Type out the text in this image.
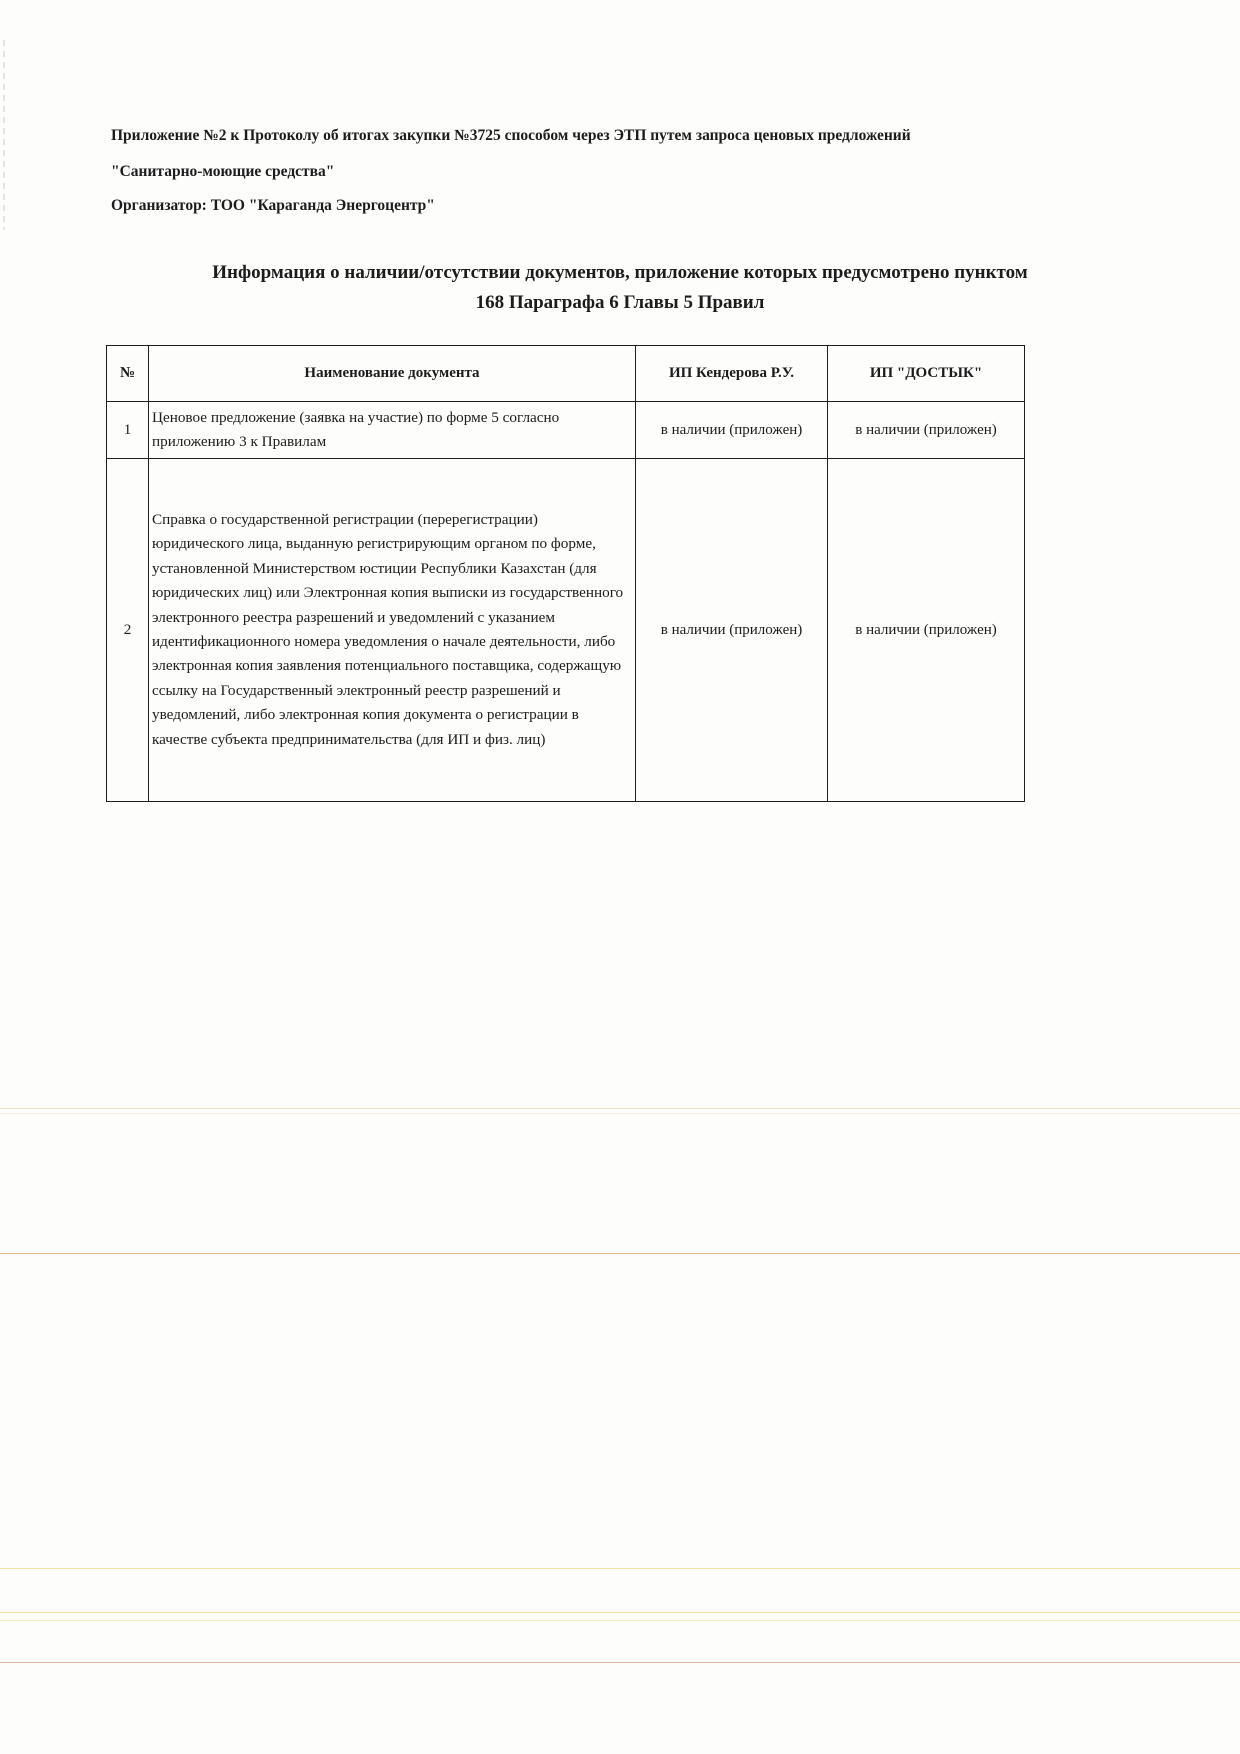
Приложение №2 к Протоколу об итогах закупки №3725 способом через ЭТП путем запроса ценовых предложений
"Санитарно-моющие средства"
Организатор: ТОО "Караганда Энергоцентр"
Информация о наличии/отсутствии документов, приложение которых предусмотрено пунктом
168 Параграфа 6 Главы 5 Правил
№	Наименование документа	ИП Кендерова Р.У.	ИП "ДОСТЫК"
1	Ценовое предложение (заявка на участие) по форме 5 согласно приложению 3 к Правилам	в наличии (приложен)	в наличии (приложен)
2	Справка о государственной регистрации (перерегистрации) юридического лица, выданную регистрирующим органом по форме, установленной Министерством юстиции Республики Казахстан (для юридических лиц) или Электронная копия выписки из государственного электронного реестра разрешений и уведомлений с указанием идентификационного номера уведомления о начале деятельности, либо электронная копия заявления потенциального поставщика, содержащую ссылку на Государственный электронный реестр разрешений и уведомлений, либо электронная копия документа о регистрации в качестве субъекта предпринимательства (для ИП и физ. лиц)	в наличии (приложен)	в наличии (приложен)
